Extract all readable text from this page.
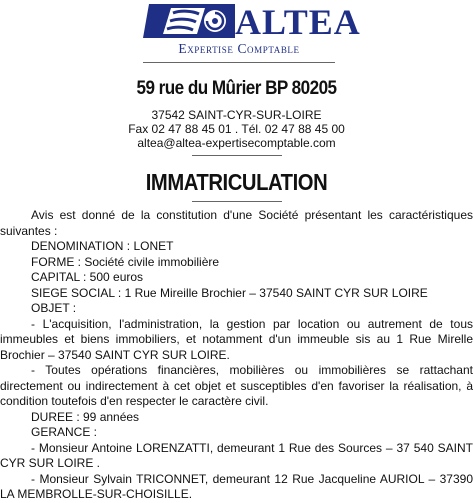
ALTEA
Expertise Comptable
59 rue du Mûrier BP 80205
37542 SAINT-CYR-SUR-LOIRE
Fax 02 47 88 45 01 . Tél. 02 47 88 45 00
altea@altea-expertisecomptable.com
IMMATRICULATION

Avis est donné de la constitution d'une Société présentant les caractéristiques suivantes :

DENOMINATION : LONET

FORME : Société civile immobilière

CAPITAL : 500 euros

SIEGE SOCIAL : 1 Rue Mireille Brochier – 37540 SAINT CYR SUR LOIRE

OBJET :

- L'acquisition, l'administration, la gestion par location ou autrement de tous immeubles et biens immobiliers, et notamment d'un immeuble sis au 1 Rue Mirelle Brochier – 37540 SAINT CYR SUR LOIRE.

- Toutes opérations financières, mobilières ou immobilières se rattachant directement ou indirectement à cet objet et susceptibles d'en favoriser la réalisation, à condition toutefois d'en respecter le caractère civil.

DUREE : 99 années

GERANCE :

- Monsieur Antoine LORENZATTI, demeurant 1 Rue des Sources – 37 540 SAINT CYR SUR LOIRE .

- Monsieur Sylvain TRICONNET, demeurant 12 Rue Jacqueline AURIOL – 37390 LA MEMBROLLE-SUR-CHOISILLE.
